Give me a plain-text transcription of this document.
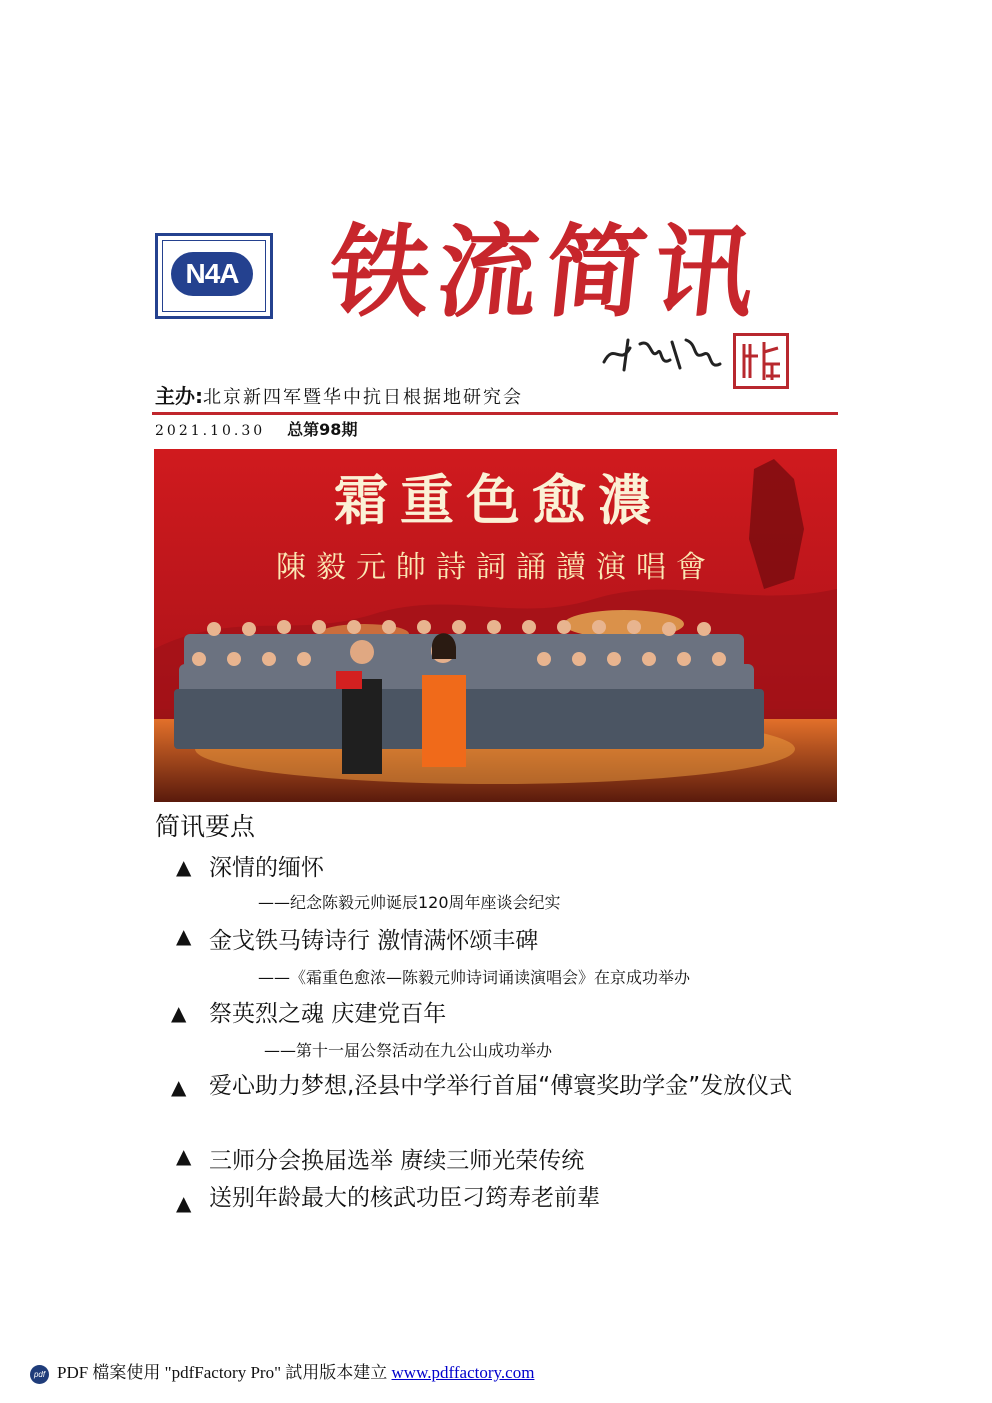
N4A 铁流简讯
主办:北京新四军暨华中抗日根据地研究会
2021.10.30 总第98期
霜重色愈濃
陳毅元帥詩詞誦讀演唱會
简讯要点
▲ 深情的缅怀
——纪念陈毅元帅诞辰120周年座谈会纪实
▲ 金戈铁马铸诗行 激情满怀颂丰碑
——《霜重色愈浓—陈毅元帅诗词诵读演唱会》在京成功举办
▲ 祭英烈之魂 庆建党百年
——第十一届公祭活动在九公山成功举办
▲ 爱心助力梦想,泾县中学举行首届“傅寰奖助学金”发放仪式
▲ 三师分会换届选举 赓续三师光荣传统
▲ 送别年龄最大的核武功臣刁筠寿老前辈
pdf PDF 檔案使用 "pdfFactory Pro" 試用版本建立 www.pdffactory.com
